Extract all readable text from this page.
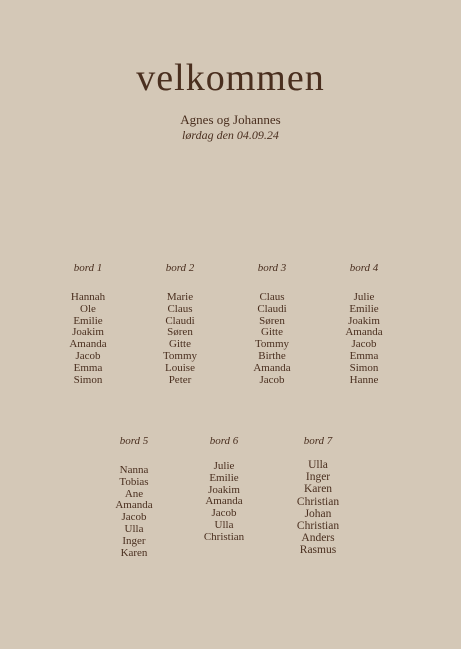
velkommen
Agnes og Johannes
lørdag den 04.09.24
bord 1
Hannah
Ole
Emilie
Joakim
Amanda
Jacob
Emma
Simon
bord 2
Marie
Claus
Claudi
Søren
Gitte
Tommy
Louise
Peter
bord 3
Claus
Claudi
Søren
Gitte
Tommy
Birthe
Amanda
Jacob
bord 4
Julie
Emilie
Joakim
Amanda
Jacob
Emma
Simon
Hanne
bord 5
Nanna
Tobias
Ane
Amanda
Jacob
Ulla
Inger
Karen
bord 6
Julie
Emilie
Joakim
Amanda
Jacob
Ulla
Christian
bord 7
Ulla
Inger
Karen
Christian
Johan
Christian
Anders
Rasmus
